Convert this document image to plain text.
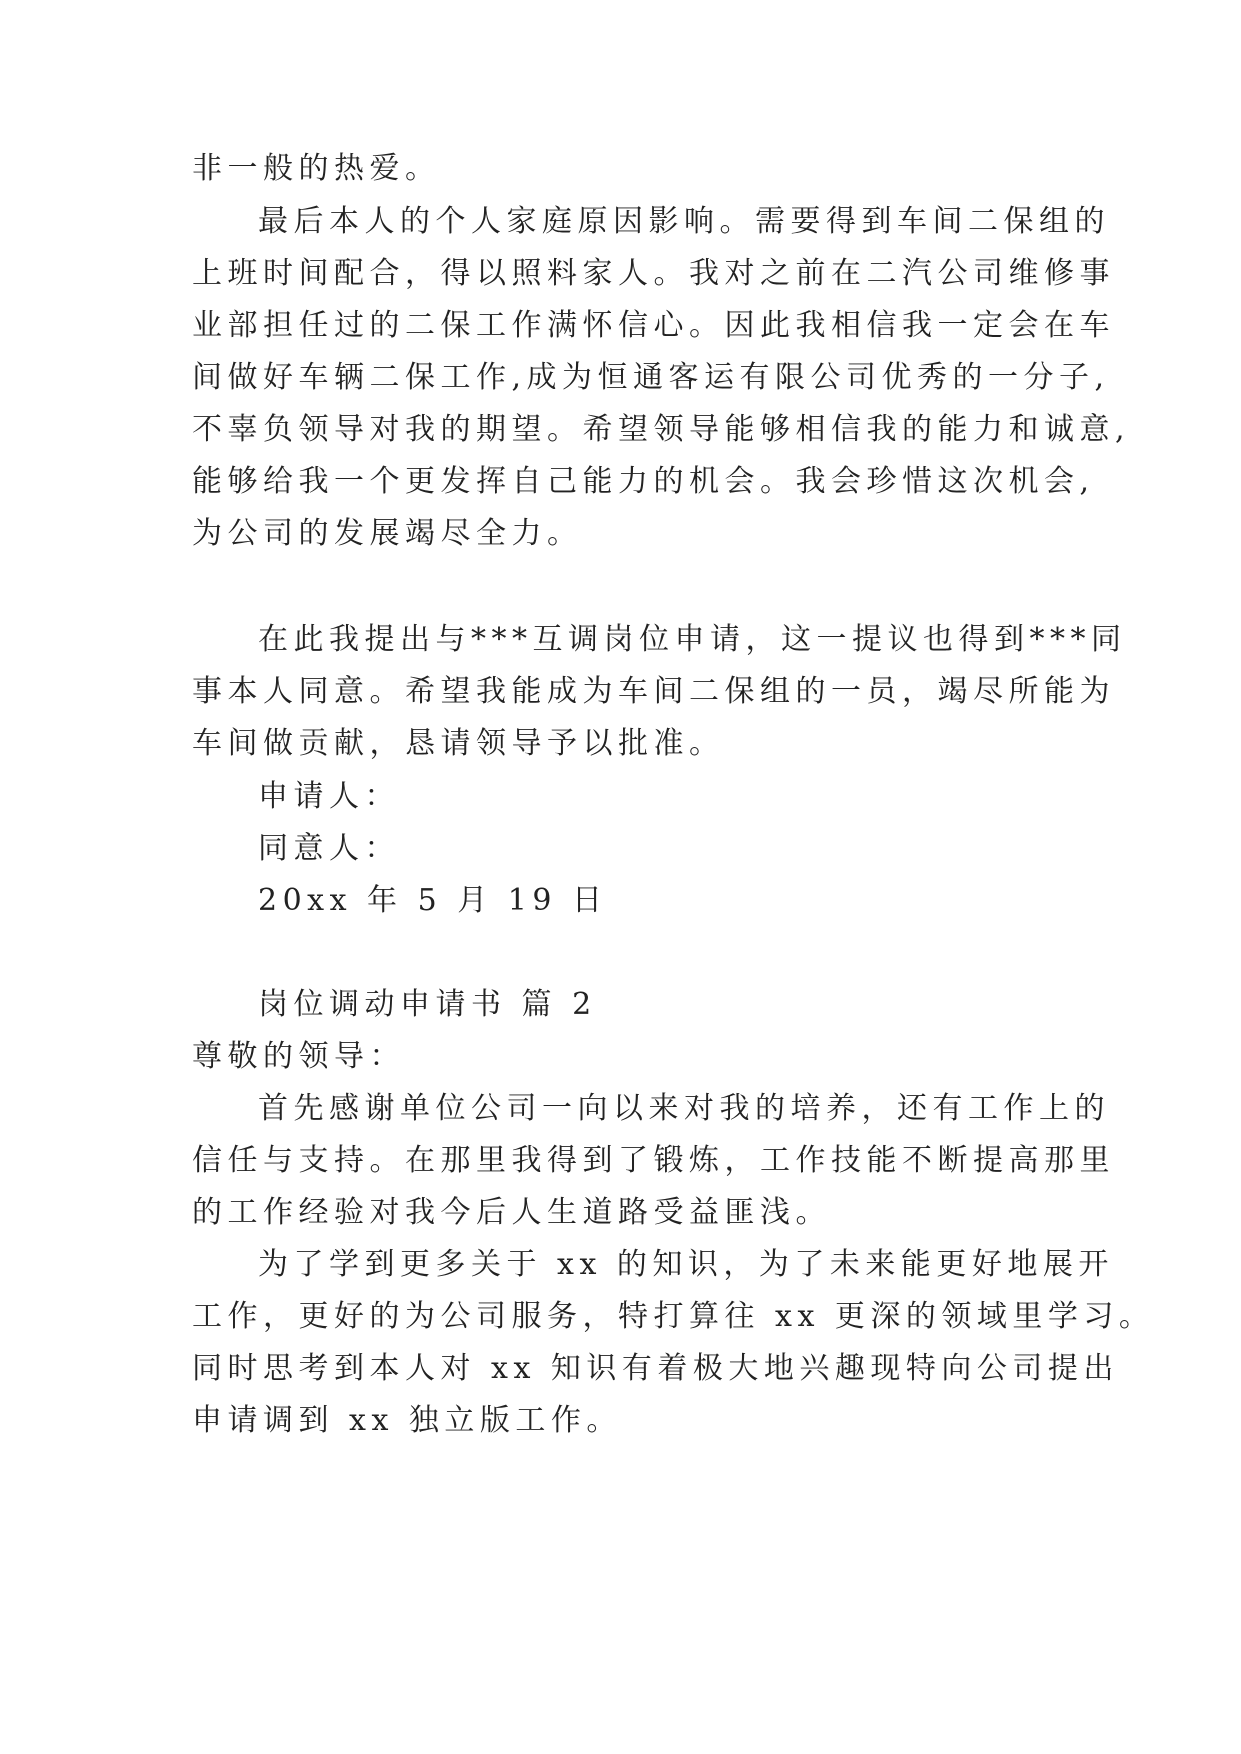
非一般的热爱。
最后本人的个人家庭原因影响。需要得到车间二保组的
上班时间配合，得以照料家人。我对之前在二汽公司维修事
业部担任过的二保工作满怀信心。因此我相信我一定会在车
间做好车辆二保工作,成为恒通客运有限公司优秀的一分子,
不辜负领导对我的期望。希望领导能够相信我的能力和诚意,
能够给我一个更发挥自己能力的机会。我会珍惜这次机会,
为公司的发展竭尽全力。
在此我提出与***互调岗位申请，这一提议也得到***同
事本人同意。希望我能成为车间二保组的一员，竭尽所能为
车间做贡献，恳请领导予以批准。
申请人：
同意人：
20xx 年 5 月 19 日
岗位调动申请书 篇 2
尊敬的领导：
首先感谢单位公司一向以来对我的培养，还有工作上的
信任与支持。在那里我得到了锻炼，工作技能不断提高那里
的工作经验对我今后人生道路受益匪浅。
为了学到更多关于 xx 的知识，为了未来能更好地展开
工作，更好的为公司服务，特打算往 xx 更深的领域里学习。
同时思考到本人对 xx 知识有着极大地兴趣现特向公司提出
申请调到 xx 独立版工作。
